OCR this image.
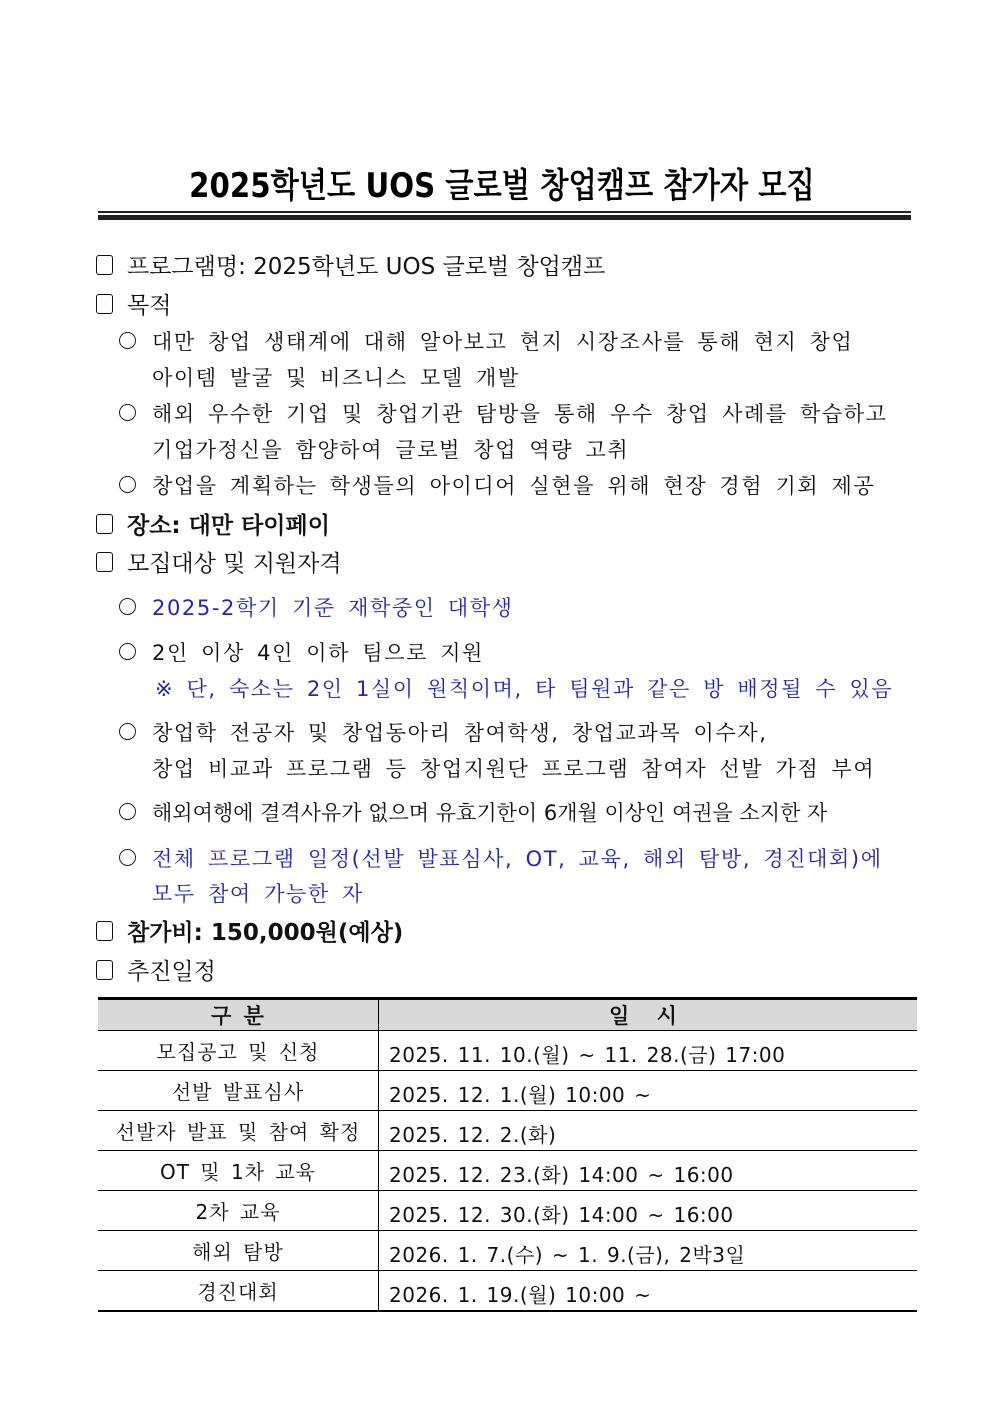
2025학년도 UOS 글로벌 창업캠프 참가자 모집
프로그램명: 2025학년도 UOS 글로벌 창업캠프
목적
대만 창업 생태계에 대해 알아보고 현지 시장조사를 통해 현지 창업
아이템 발굴 및 비즈니스 모델 개발
해외 우수한 기업 및 창업기관 탐방을 통해 우수 창업 사례를 학습하고
기업가정신을 함양하여 글로벌 창업 역량 고취
창업을 계획하는 학생들의 아이디어 실현을 위해 현장 경험 기회 제공
장소: 대만 타이페이
모집대상 및 지원자격
2025-2학기 기준 재학중인 대학생
2인 이상 4인 이하 팀으로 지원
※ 단, 숙소는 2인 1실이 원칙이며, 타 팀원과 같은 방 배정될 수 있음
창업학 전공자 및 창업동아리 참여학생, 창업교과목 이수자,
창업 비교과 프로그램 등 창업지원단 프로그램 참여자 선발 가점 부여
해외여행에 결격사유가 없으며 유효기한이 6개월 이상인 여권을 소지한 자
전체 프로그램 일정(선발 발표심사, OT, 교육, 해외 탐방, 경진대회)에
모두 참여 가능한 자
참가비: 150,000원(예상)
추진일정
구 분	일 시
모집공고 및 신청	2025. 11. 10.(월) ~ 11. 28.(금) 17:00
선발 발표심사	2025. 12. 1.(월) 10:00 ~
선발자 발표 및 참여 확정	2025. 12. 2.(화)
OT 및 1차 교육	2025. 12. 23.(화) 14:00 ~ 16:00
2차 교육	2025. 12. 30.(화) 14:00 ~ 16:00
해외 탐방	2026. 1. 7.(수) ~ 1. 9.(금), 2박3일
경진대회	2026. 1. 19.(월) 10:00 ~
